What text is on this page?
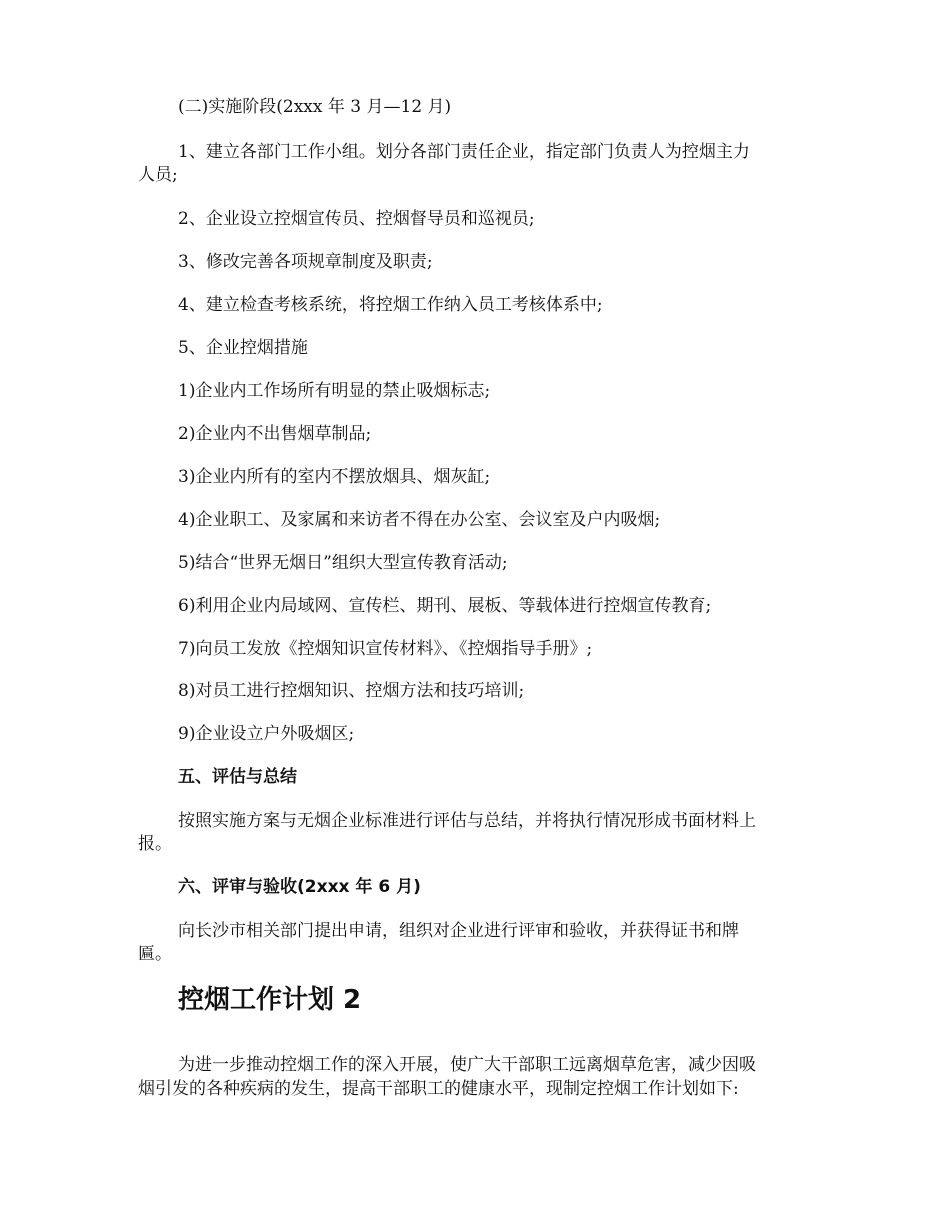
(二)实施阶段(2xxx 年 3 月—12 月)
1、建立各部门工作小组。划分各部门责任企业，指定部门负责人为控烟主力
人员;
2、企业设立控烟宣传员、控烟督导员和巡视员;
3、修改完善各项规章制度及职责;
4、建立检查考核系统，将控烟工作纳入员工考核体系中;
5、企业控烟措施
1)企业内工作场所有明显的禁止吸烟标志;
2)企业内不出售烟草制品;
3)企业内所有的室内不摆放烟具、烟灰缸;
4)企业职工、及家属和来访者不得在办公室、会议室及户内吸烟;
5)结合“世界无烟日”组织大型宣传教育活动;
6)利用企业内局域网、宣传栏、期刊、展板、等载体进行控烟宣传教育;
7)向员工发放《控烟知识宣传材料》、《控烟指导手册》;
8)对员工进行控烟知识、控烟方法和技巧培训;
9)企业设立户外吸烟区;
五、评估与总结
按照实施方案与无烟企业标准进行评估与总结，并将执行情况形成书面材料上
报。
六、评审与验收(2xxx 年 6 月)
向长沙市相关部门提出申请，组织对企业进行评审和验收，并获得证书和牌
匾。
控烟工作计划 2
为进一步推动控烟工作的深入开展，使广大干部职工远离烟草危害，减少因吸
烟引发的各种疾病的发生，提高干部职工的健康水平，现制定控烟工作计划如下:
